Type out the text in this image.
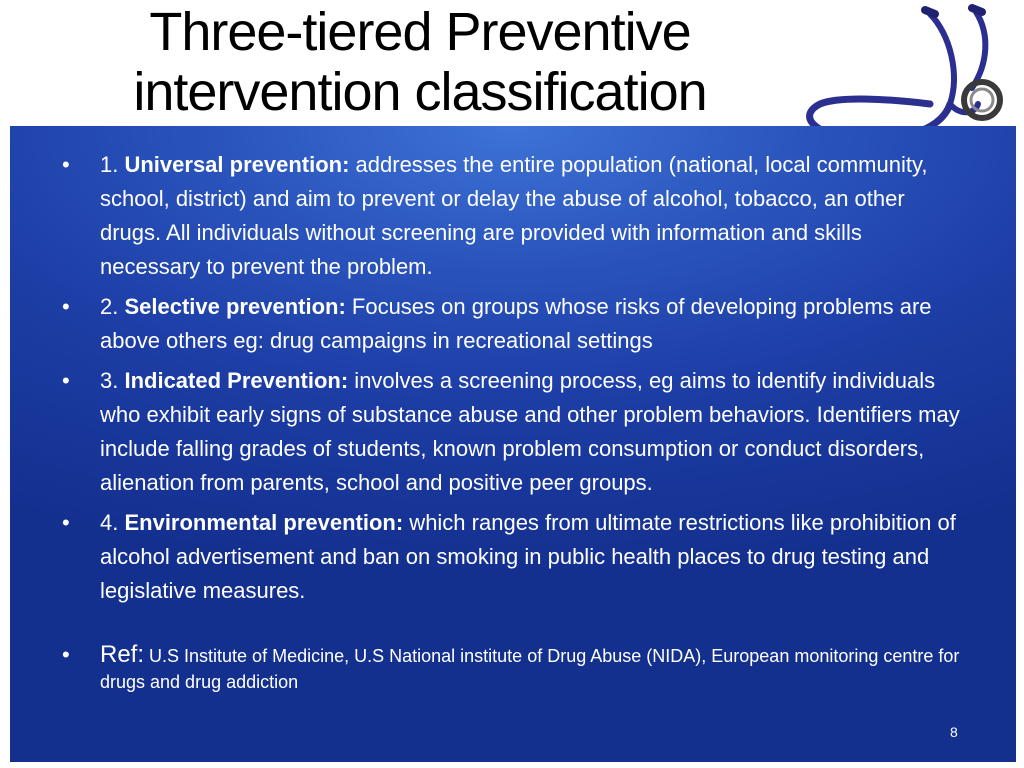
Three-tiered Preventive
intervention classification
• 1. Universal prevention: addresses the entire population (national, local community, school, district) and aim to prevent or delay the abuse of alcohol, tobacco, an other drugs. All individuals without screening are provided with information and skills necessary to prevent the problem.
• 2. Selective prevention: Focuses on groups whose risks of developing problems are above others eg: drug campaigns in recreational settings
• 3. Indicated Prevention: involves a screening process, eg aims to identify individuals who exhibit early signs of substance abuse and other problem behaviors. Identifiers may include falling grades of students, known problem consumption or conduct disorders, alienation from parents, school and positive peer groups.
• 4. Environmental prevention: which ranges from ultimate restrictions like prohibition of alcohol advertisement and ban on smoking in public health places to drug testing and legislative measures.
• Ref: U.S Institute of Medicine, U.S National institute of Drug Abuse (NIDA), European monitoring centre for drugs and drug addiction
8
